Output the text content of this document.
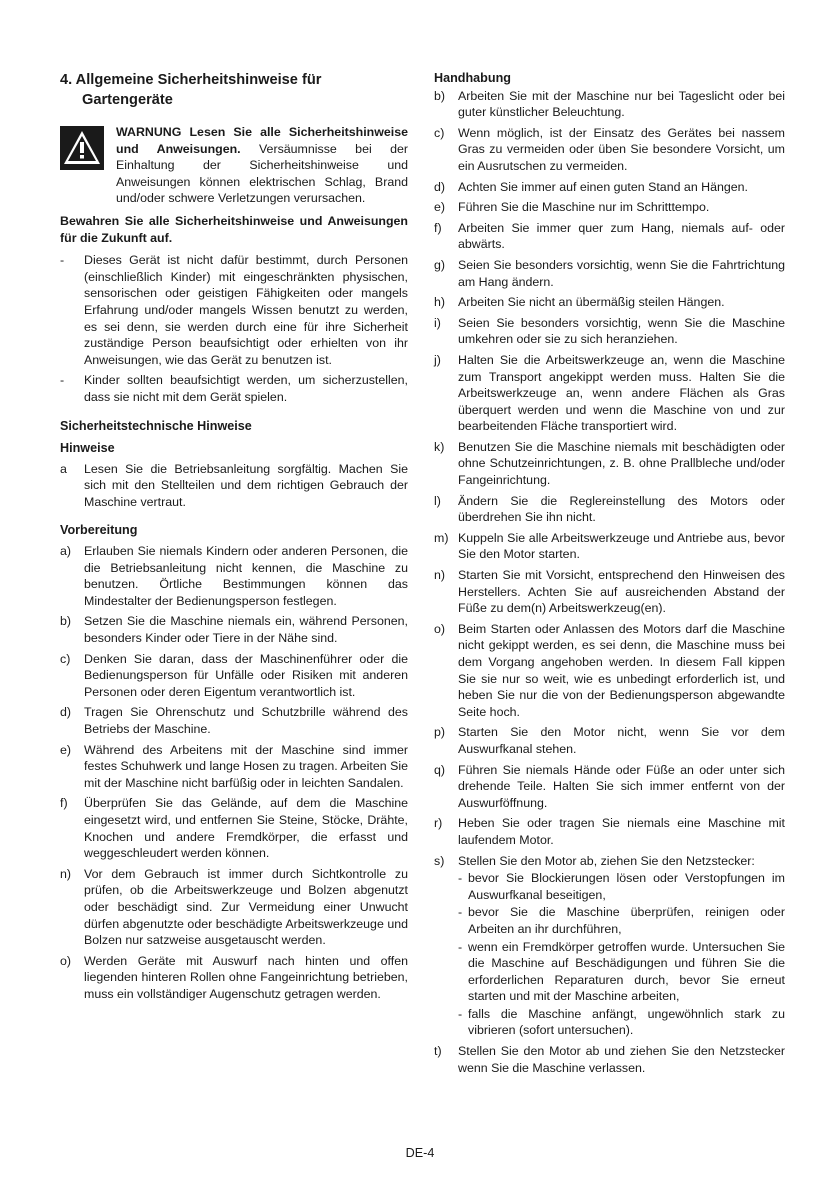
4. Allgemeine Sicherheitshinweise für Gartengeräte
WARNUNG Lesen Sie alle Sicherheitshinweise und Anweisungen. Versäumnisse bei der Einhaltung der Sicherheitshinweise und Anweisungen können elektrischen Schlag, Brand und/oder schwere Verletzungen verursachen.

Bewahren Sie alle Sicherheitshinweise und Anweisungen für die Zukunft auf.

-	Dieses Gerät ist nicht dafür bestimmt, durch Personen (einschließlich Kinder) mit eingeschränkten physischen, sensorischen oder geistigen Fähigkeiten oder mangels Erfahrung und/oder mangels Wissen benutzt zu werden, es sei denn, sie werden durch eine für ihre Sicherheit zuständige Person beaufsichtigt oder erhielten von ihr Anweisungen, wie das Gerät zu benutzen ist.
-	Kinder sollten beaufsichtigt werden, um sicherzustellen, dass sie nicht mit dem Gerät spielen.
Sicherheitstechnische Hinweise
Hinweise
a	Lesen Sie die Betriebsanleitung sorgfältig. Machen Sie sich mit den Stellteilen und dem richtigen Gebrauch der Maschine vertraut.
Vorbereitung
a)	Erlauben Sie niemals Kindern oder anderen Personen, die die Betriebsanleitung nicht kennen, die Maschine zu benutzen. Örtliche Bestimmungen können das Mindestalter der Bedienungsperson festlegen.
b)	Setzen Sie die Maschine niemals ein, während Personen, besonders Kinder oder Tiere in der Nähe sind.
c)	Denken Sie daran, dass der Maschinenführer oder die Bedienungsperson für Unfälle oder Risiken mit anderen Personen oder deren Eigentum verantwortlich ist.
d)	Tragen Sie Ohrenschutz und Schutzbrille während des Betriebs der Maschine.
e)	Während des Arbeitens mit der Maschine sind immer festes Schuhwerk und lange Hosen zu tragen. Arbeiten Sie mit der Maschine nicht barfüßig oder in leichten Sandalen.
f)	Überprüfen Sie das Gelände, auf dem die Maschine eingesetzt wird, und entfernen Sie Steine, Stöcke, Drähte, Knochen und andere Fremdkörper, die erfasst und weggeschleudert werden können.
n)	Vor dem Gebrauch ist immer durch Sichtkontrolle zu prüfen, ob die Arbeitswerkzeuge und Bolzen abgenutzt oder beschädigt sind. Zur Vermeidung einer Unwucht dürfen abgenutzte oder beschädigte Arbeitswerkzeuge und Bolzen nur satzweise ausgetauscht werden.
o)	Werden Geräte mit Auswurf nach hinten und offen liegenden hinteren Rollen ohne Fangeinrichtung betrieben, muss ein vollständiger Augenschutz getragen werden.
Handhabung
b)	Arbeiten Sie mit der Maschine nur bei Tageslicht oder bei guter künstlicher Beleuchtung.
c)	Wenn möglich, ist der Einsatz des Gerätes bei nassem Gras zu vermeiden oder üben Sie besondere Vorsicht, um ein Ausrutschen zu vermeiden.
d)	Achten Sie immer auf einen guten Stand an Hängen.
e)	Führen Sie die Maschine nur im Schritttempo.
f)	Arbeiten Sie immer quer zum Hang, niemals auf- oder abwärts.
g)	Seien Sie besonders vorsichtig, wenn Sie die Fahrtrichtung am Hang ändern.
h)	Arbeiten Sie nicht an übermäßig steilen Hängen.
i)	Seien Sie besonders vorsichtig, wenn Sie die Maschine umkehren oder sie zu sich heranziehen.
j)	Halten Sie die Arbeitswerkzeuge an, wenn die Maschine zum Transport angekippt werden muss. Halten Sie die Arbeitswerkzeuge an, wenn andere Flächen als Gras überquert werden und wenn die Maschine von und zur bearbeitenden Fläche transportiert wird.
k)	Benutzen Sie die Maschine niemals mit beschädigten oder ohne Schutzeinrichtungen, z. B. ohne Prallbleche und/oder Fangeinrichtung.
l)	Ändern Sie die Reglereinstellung des Motors oder überdrehen Sie ihn nicht.
m) Kuppeln Sie alle Arbeitswerkzeuge und Antriebe aus, bevor Sie den Motor starten.
n)	Starten Sie mit Vorsicht, entsprechend den Hinweisen des Herstellers. Achten Sie auf ausreichenden Abstand der Füße zu dem(n) Arbeitswerkzeug(en).
o)	Beim Starten oder Anlassen des Motors darf die Maschine nicht gekippt werden, es sei denn, die Maschine muss bei dem Vorgang angehoben werden. In diesem Fall kippen Sie sie nur so weit, wie es unbedingt erforderlich ist, und heben Sie nur die von der Bedienungsperson abgewandte Seite hoch.
p)	Starten Sie den Motor nicht, wenn Sie vor dem Auswurfkanal stehen.
q)	Führen Sie niemals Hände oder Füße an oder unter sich drehende Teile. Halten Sie sich immer entfernt von der Auswurföffnung.
r)	Heben Sie oder tragen Sie niemals eine Maschine mit laufendem Motor.
s)	Stellen Sie den Motor ab, ziehen Sie den Netzstecker:
- bevor Sie Blockierungen lösen oder Verstopfungen im Auswurfkanal beseitigen,
- bevor Sie die Maschine überprüfen, reinigen oder Arbeiten an ihr durchführen,
- wenn ein Fremdkörper getroffen wurde. Untersuchen Sie die Maschine auf Beschädigungen und führen Sie die erforderlichen Reparaturen durch, bevor Sie erneut starten und mit der Maschine arbeiten,
- falls die Maschine anfängt, ungewöhnlich stark zu vibrieren (sofort untersuchen).
t)	Stellen Sie den Motor ab und ziehen Sie den Netzstecker wenn Sie die Maschine verlassen.
DE-4
